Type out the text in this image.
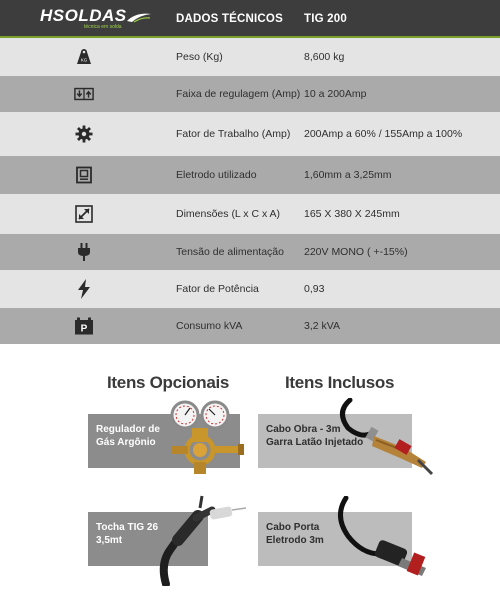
HSOLDAS
técnica em solda
DADOS TÉCNICOS TIG 200
KG	Peso (Kg)	8,600 kg
Faixa de regulagem (Amp) 10 a 200Amp
Fator de Trabalho (Amp) 200Amp a 60% / 155Amp a 100%
Eletrodo utilizado	1,60mm a 3,25mm
Dimensões (L x C x A) 165 X 380 X 245mm
Tensão de alimentação 220V MONO ( +-15%)
Fator de Potência	0,93
P	Consumo kVA	3,2 kVA
Itens Opcionais	Itens Inclusos
Regulador de
Gás Argônio
Tocha TIG 26
3,5mt
Cabo Obra - 3m
Garra Latão Injetado
Cabo Porta
Eletrodo 3m
